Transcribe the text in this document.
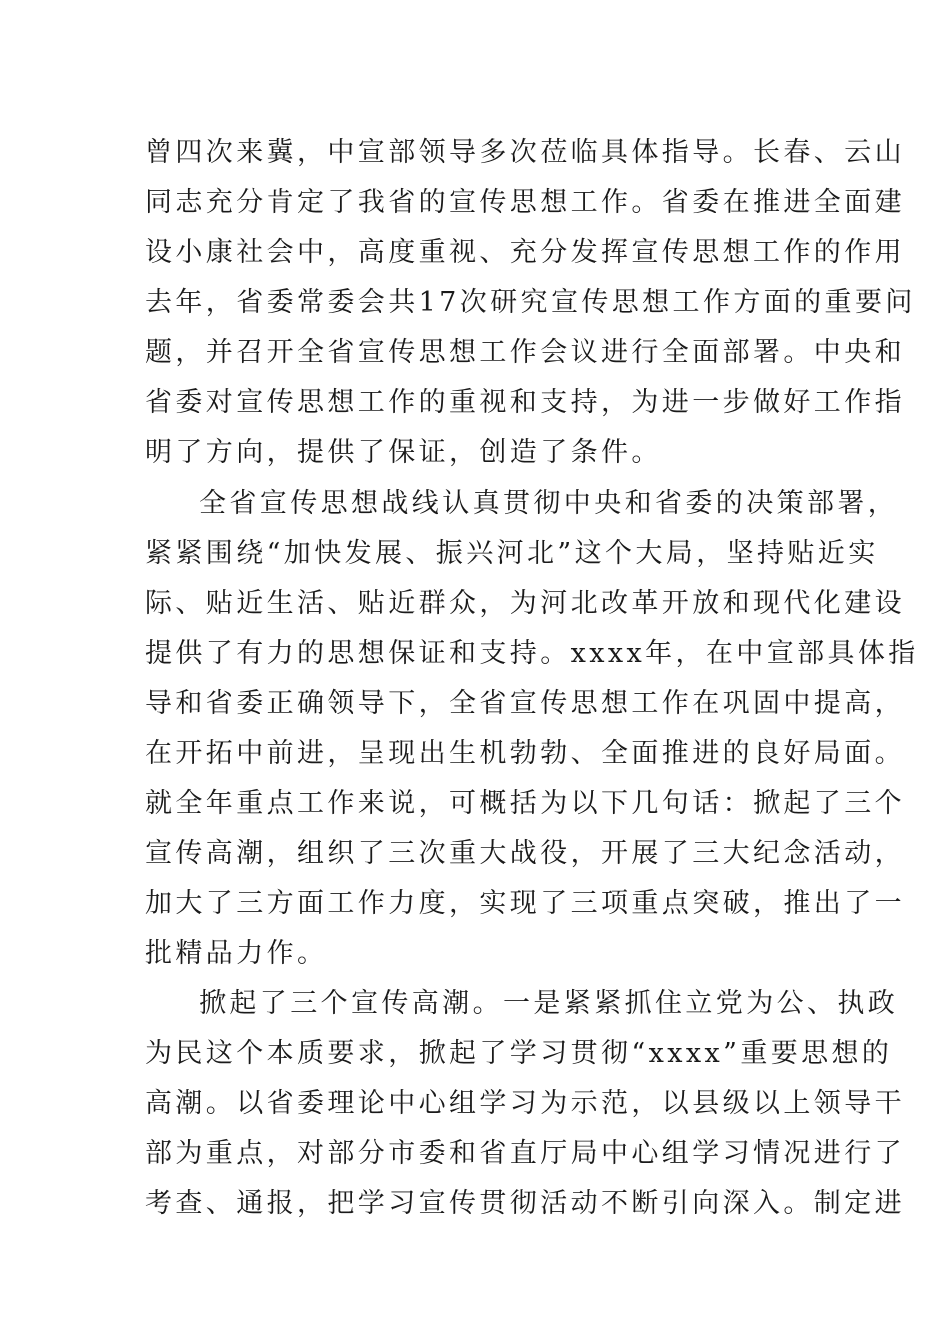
曾四次来冀，中宣部领导多次莅临具体指导。长春、云山
同志充分肯定了我省的宣传思想工作。省委在推进全面建
设小康社会中，高度重视、充分发挥宣传思想工作的作用
去年，省委常委会共17次研究宣传思想工作方面的重要问
题，并召开全省宣传思想工作会议进行全面部署。中央和
省委对宣传思想工作的重视和支持，为进一步做好工作指
明了方向，提供了保证，创造了条件。
全省宣传思想战线认真贯彻中央和省委的决策部署，
紧紧围绕“加快发展、振兴河北”这个大局，坚持贴近实
际、贴近生活、贴近群众，为河北改革开放和现代化建设
提供了有力的思想保证和支持。xxxx年，在中宣部具体指
导和省委正确领导下，全省宣传思想工作在巩固中提高，
在开拓中前进，呈现出生机勃勃、全面推进的良好局面。
就全年重点工作来说，可概括为以下几句话：掀起了三个
宣传高潮，组织了三次重大战役，开展了三大纪念活动，
加大了三方面工作力度，实现了三项重点突破，推出了一
批精品力作。
掀起了三个宣传高潮。一是紧紧抓住立党为公、执政
为民这个本质要求，掀起了学习贯彻“xxxx”重要思想的
高潮。以省委理论中心组学习为示范，以县级以上领导干
部为重点，对部分市委和省直厅局中心组学习情况进行了
考查、通报，把学习宣传贯彻活动不断引向深入。制定进
